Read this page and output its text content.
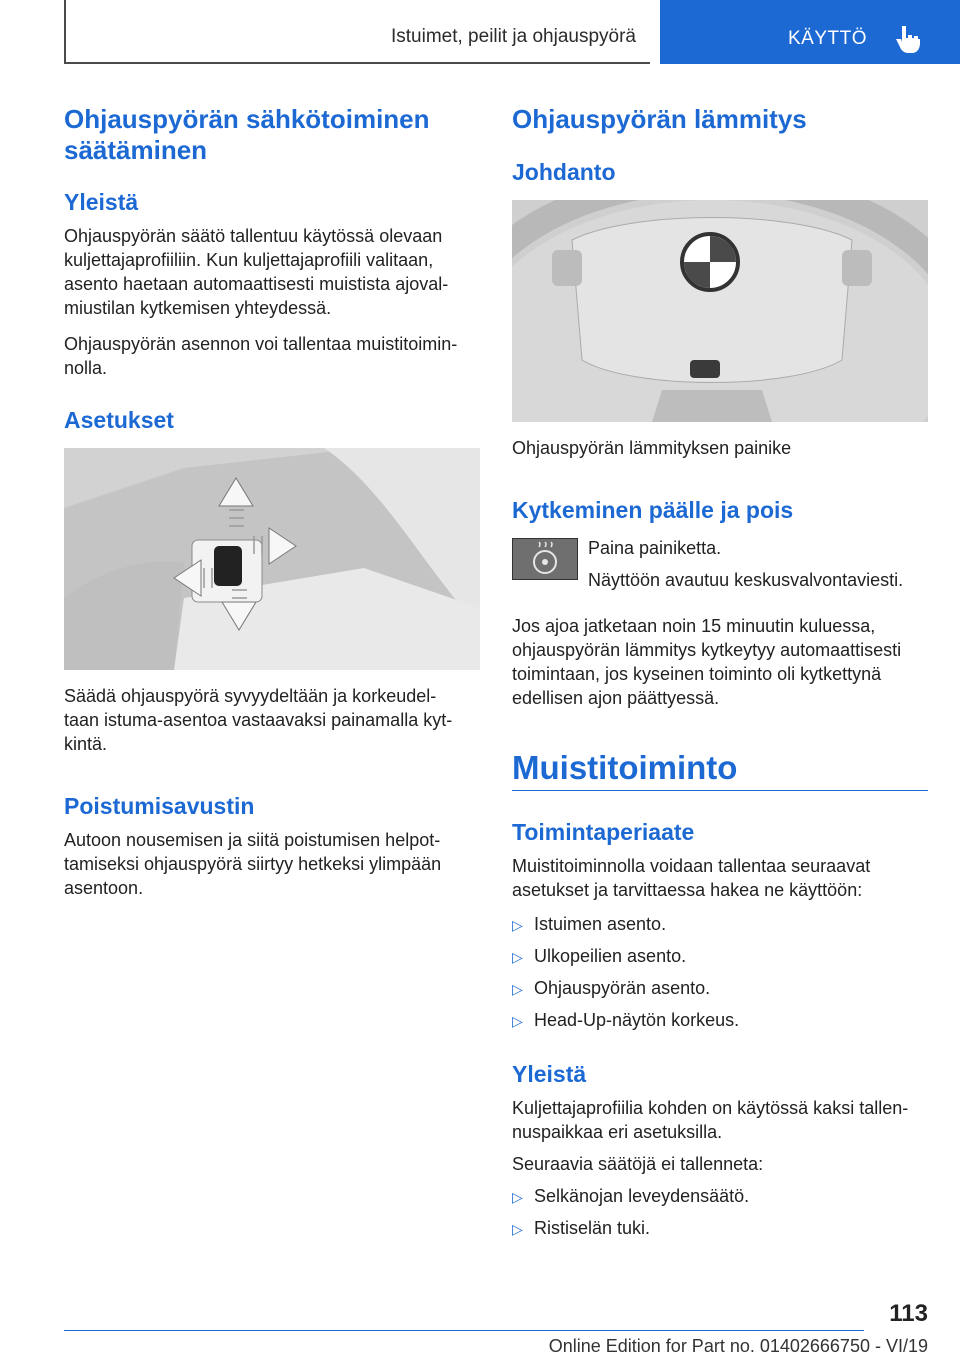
Istuimet, peilit ja ohjauspyörä	KÄYTTÖ
Ohjauspyörän sähkötoiminen säätäminen
Yleistä

Ohjauspyörän säätö tallentuu käytössä olevaan

kuljettajaprofiiliin. Kun kuljettajaprofiili valitaan,

asento haetaan automaattisesti muistista ajoval-

miustilan kytkemisen yhteydessä.

Ohjauspyörän asennon voi tallentaa muistitoimin-

nolla.

Asetukset

Säädä ohjauspyörä syvyydeltään ja korkeudel-

taan istuma-asentoa vastaavaksi painamalla kyt-

kintä.

Poistumisavustin

Autoon nousemisen ja siitä poistumisen helpot-

tamiseksi ohjauspyörä siirtyy hetkeksi ylimpään

asentoon.

Ohjauspyörän lämmitys
Johdanto

Ohjauspyörän lämmityksen painike

Kytkeminen päälle ja pois

Paina painiketta.

Näyttöön avautuu keskusvalvontaviesti.

Jos ajoa jatketaan noin 15 minuutin kuluessa,

ohjauspyörän lämmitys kytkeytyy automaattisesti

toimintaan, jos kyseinen toiminto oli kytkettynä

edellisen ajon päättyessä.

Muistitoiminto
Toimintaperiaate

Muistitoiminnolla voidaan tallentaa seuraavat

asetukset ja tarvittaessa hakea ne käyttöön:

▷ Istuimen asento.
▷ Ulkopeilien asento.
▷ Ohjauspyörän asento.
▷ Head-Up-näytön korkeus.
Yleistä

Kuljettajaprofiilia kohden on käytössä kaksi tallen-

nuspaikkaa eri asetuksilla.

Seuraavia säätöjä ei tallenneta:

▷ Selkänojan leveydensäätö.
▷ Ristiselän tuki.
113
Online Edition for Part no. 01402666750 - VI/19
